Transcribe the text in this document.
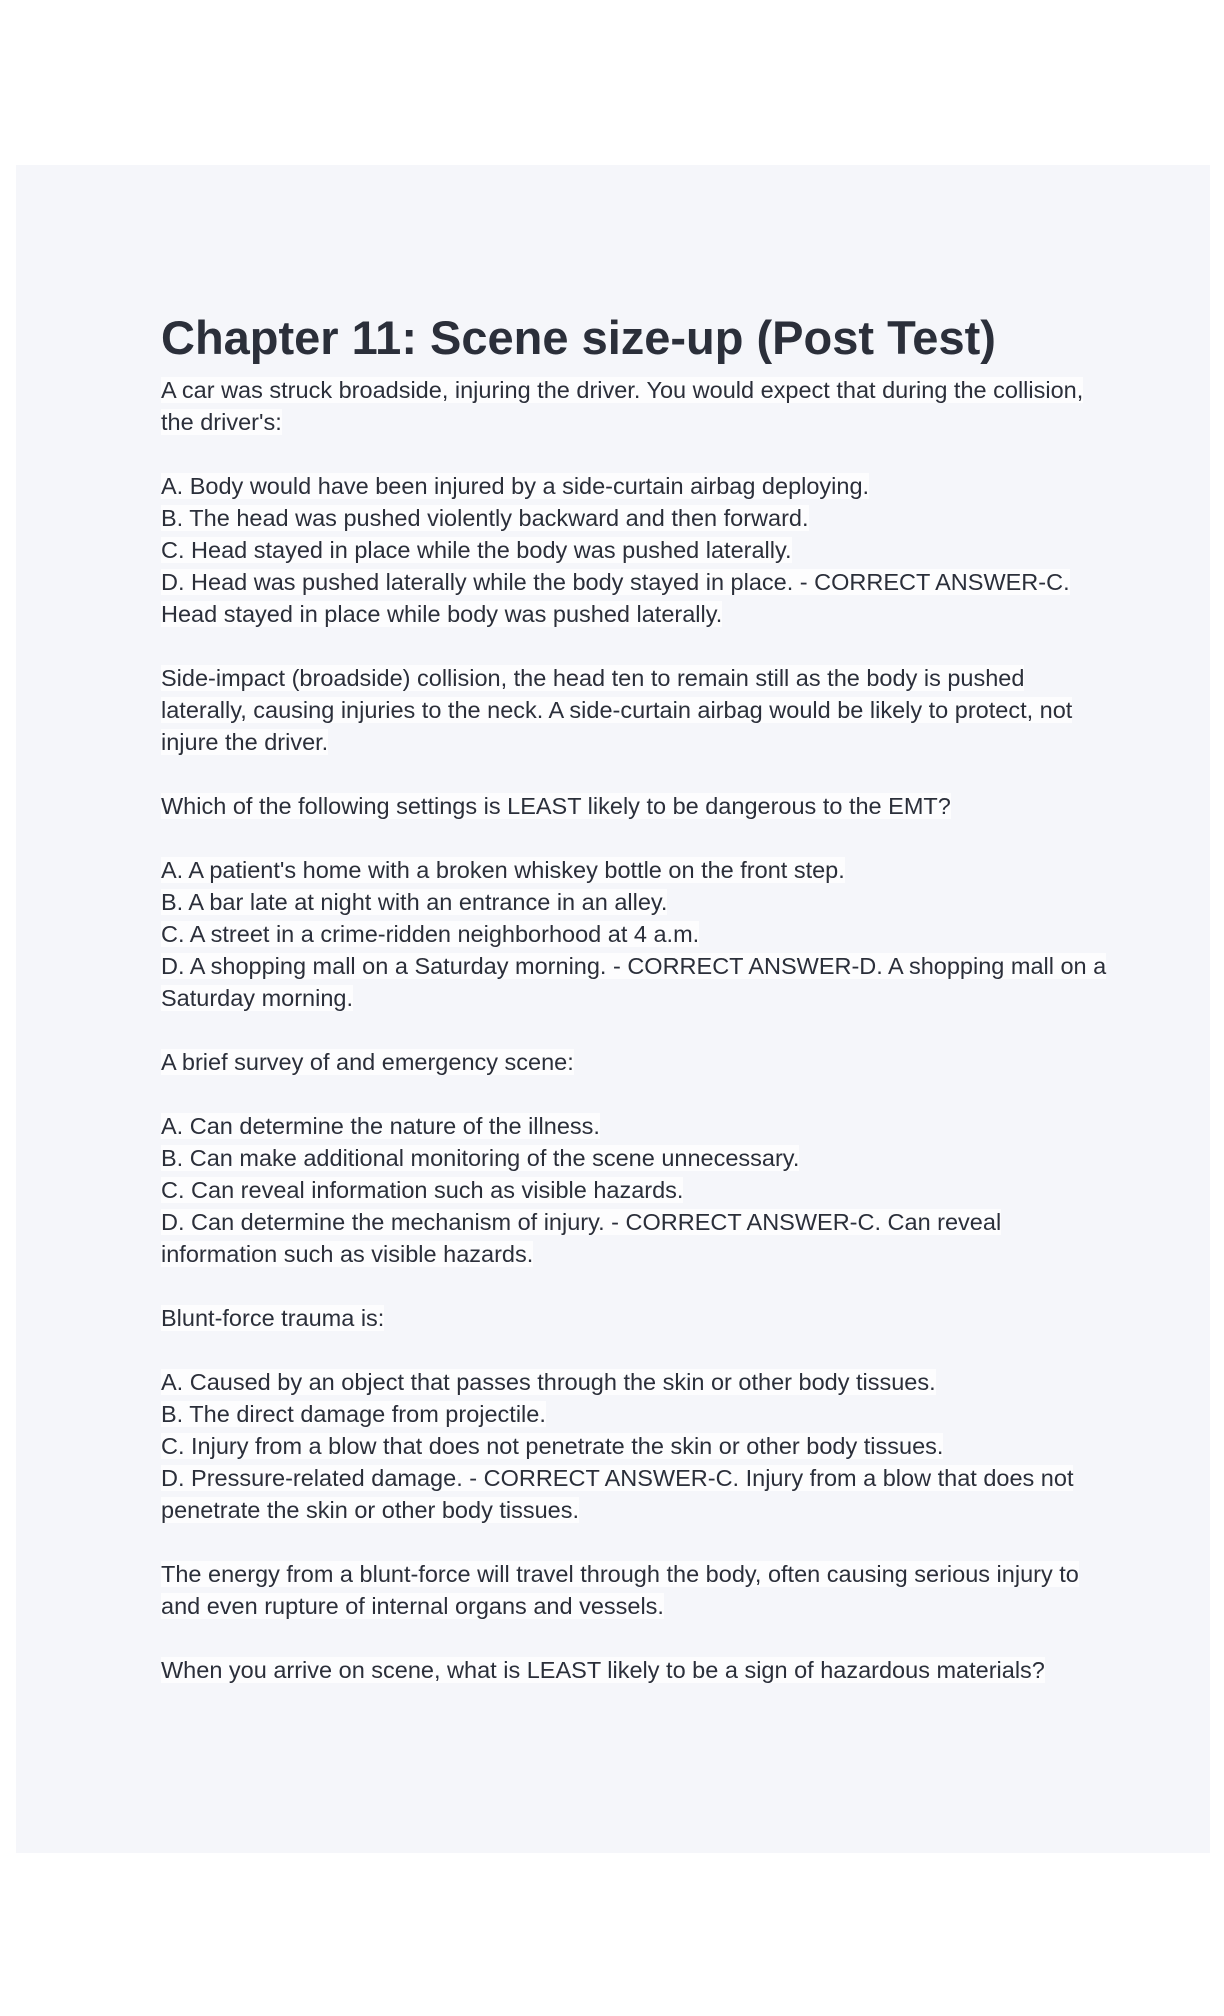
Chapter 11: Scene size-up (Post Test)

A car was struck broadside, injuring the driver. You would expect that during the collision,

the driver's:

A. Body would have been injured by a side-curtain airbag deploying.

B. The head was pushed violently backward and then forward.

C. Head stayed in place while the body was pushed laterally.

D. Head was pushed laterally while the body stayed in place. - CORRECT ANSWER-C.

Head stayed in place while body was pushed laterally.

Side-impact (broadside) collision, the head ten to remain still as the body is pushed

laterally, causing injuries to the neck. A side-curtain airbag would be likely to protect, not

injure the driver.

Which of the following settings is LEAST likely to be dangerous to the EMT?

A. A patient's home with a broken whiskey bottle on the front step.

B. A bar late at night with an entrance in an alley.

C. A street in a crime-ridden neighborhood at 4 a.m.

D. A shopping mall on a Saturday morning. - CORRECT ANSWER-D. A shopping mall on a

Saturday morning.

A brief survey of and emergency scene:

A. Can determine the nature of the illness.

B. Can make additional monitoring of the scene unnecessary.

C. Can reveal information such as visible hazards.

D. Can determine the mechanism of injury. - CORRECT ANSWER-C. Can reveal

information such as visible hazards.

Blunt-force trauma is:

A. Caused by an object that passes through the skin or other body tissues.

B. The direct damage from projectile.

C. Injury from a blow that does not penetrate the skin or other body tissues.

D. Pressure-related damage. - CORRECT ANSWER-C. Injury from a blow that does not

penetrate the skin or other body tissues.

The energy from a blunt-force will travel through the body, often causing serious injury to

and even rupture of internal organs and vessels.

When you arrive on scene, what is LEAST likely to be a sign of hazardous materials?
